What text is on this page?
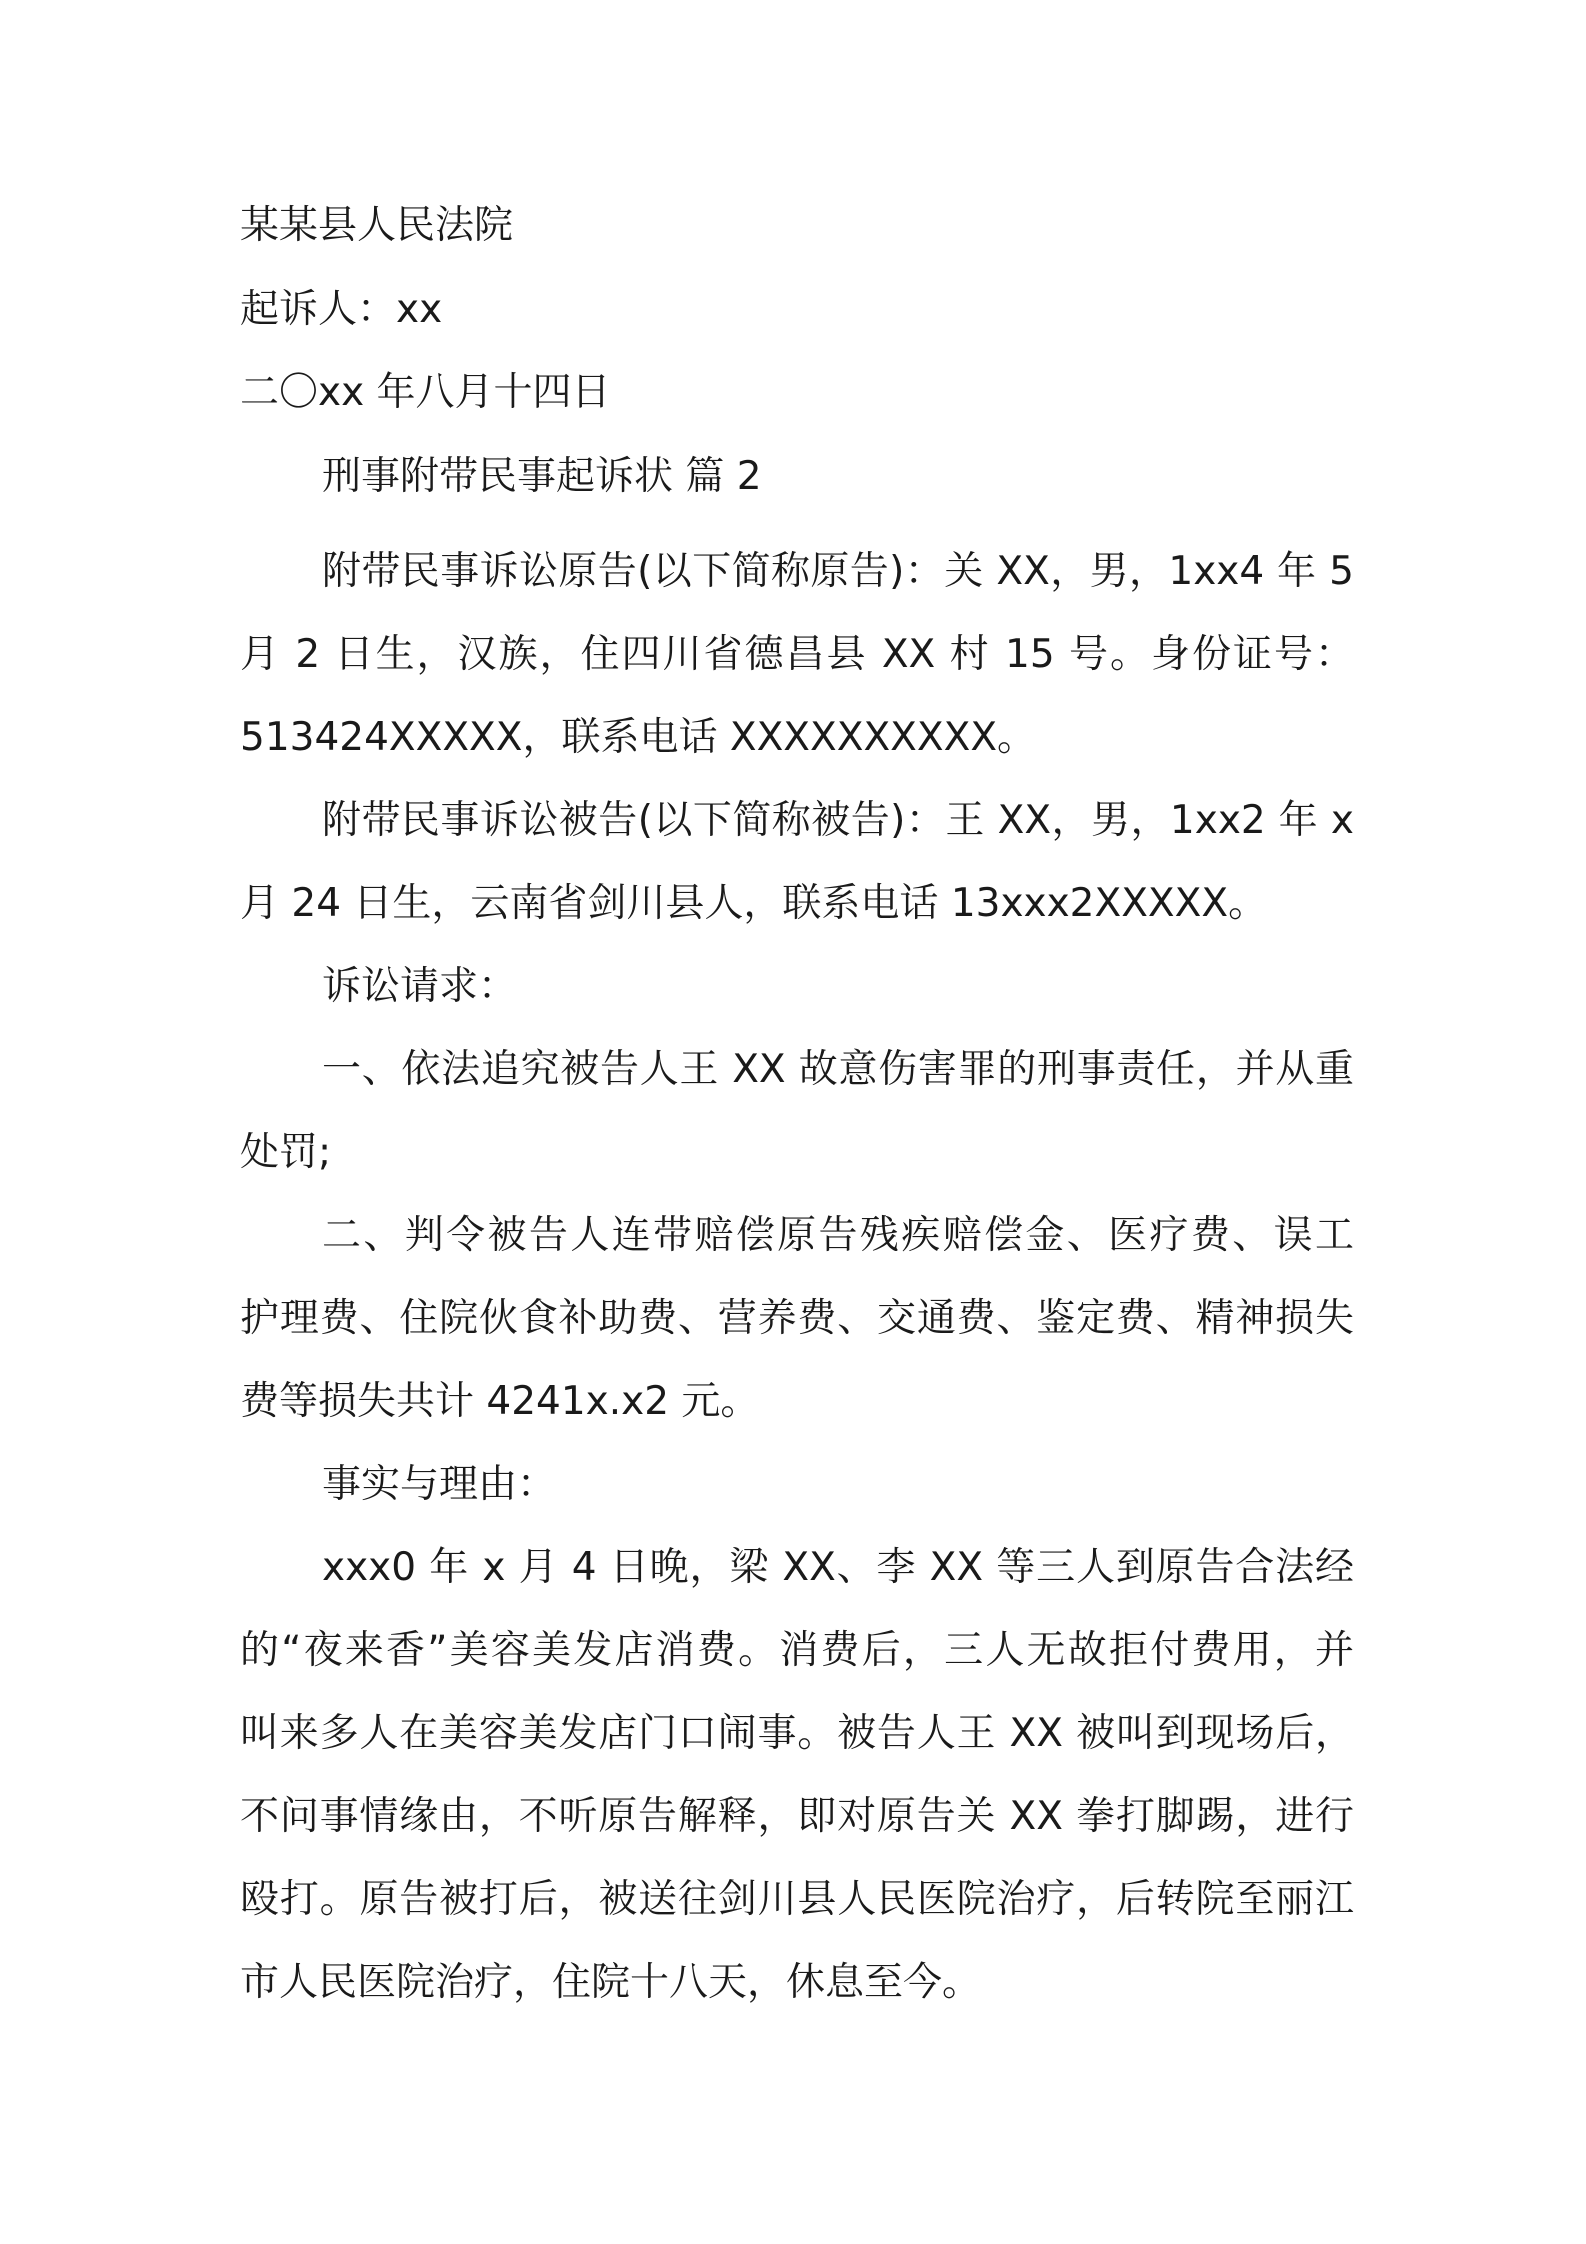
某某县人民法院
起诉人：xx
二〇xx 年八月十四日
刑事附带民事起诉状 篇 2
附带民事诉讼原告(以下简称原告)：关 XX，男，1xx4 年 5
月 2 日生，汉族，住四川省德昌县 XX 村 15 号。身份证号：
513424XXXXX，联系电话 XXXXXXXXXX。
附带民事诉讼被告(以下简称被告)：王 XX，男，1xx2 年 x
月 24 日生，云南省剑川县人，联系电话 13xxx2XXXXX。
诉讼请求：
一、依法追究被告人王 XX 故意伤害罪的刑事责任，并从重
处罚;
二、判令被告人连带赔偿原告残疾赔偿金、医疗费、误工
护理费、住院伙食补助费、营养费、交通费、鉴定费、精神损失
费等损失共计 4241x.x2 元。
事实与理由：
xxx0 年 x 月 4 日晚，梁 XX、李 XX 等三人到原告合法经
的“夜来香”美容美发店消费。消费后，三人无故拒付费用，并
叫来多人在美容美发店门口闹事。被告人王 XX 被叫到现场后，
不问事情缘由，不听原告解释，即对原告关 XX 拳打脚踢，进行
殴打。原告被打后，被送往剑川县人民医院治疗，后转院至丽江
市人民医院治疗，住院十八天，休息至今。
